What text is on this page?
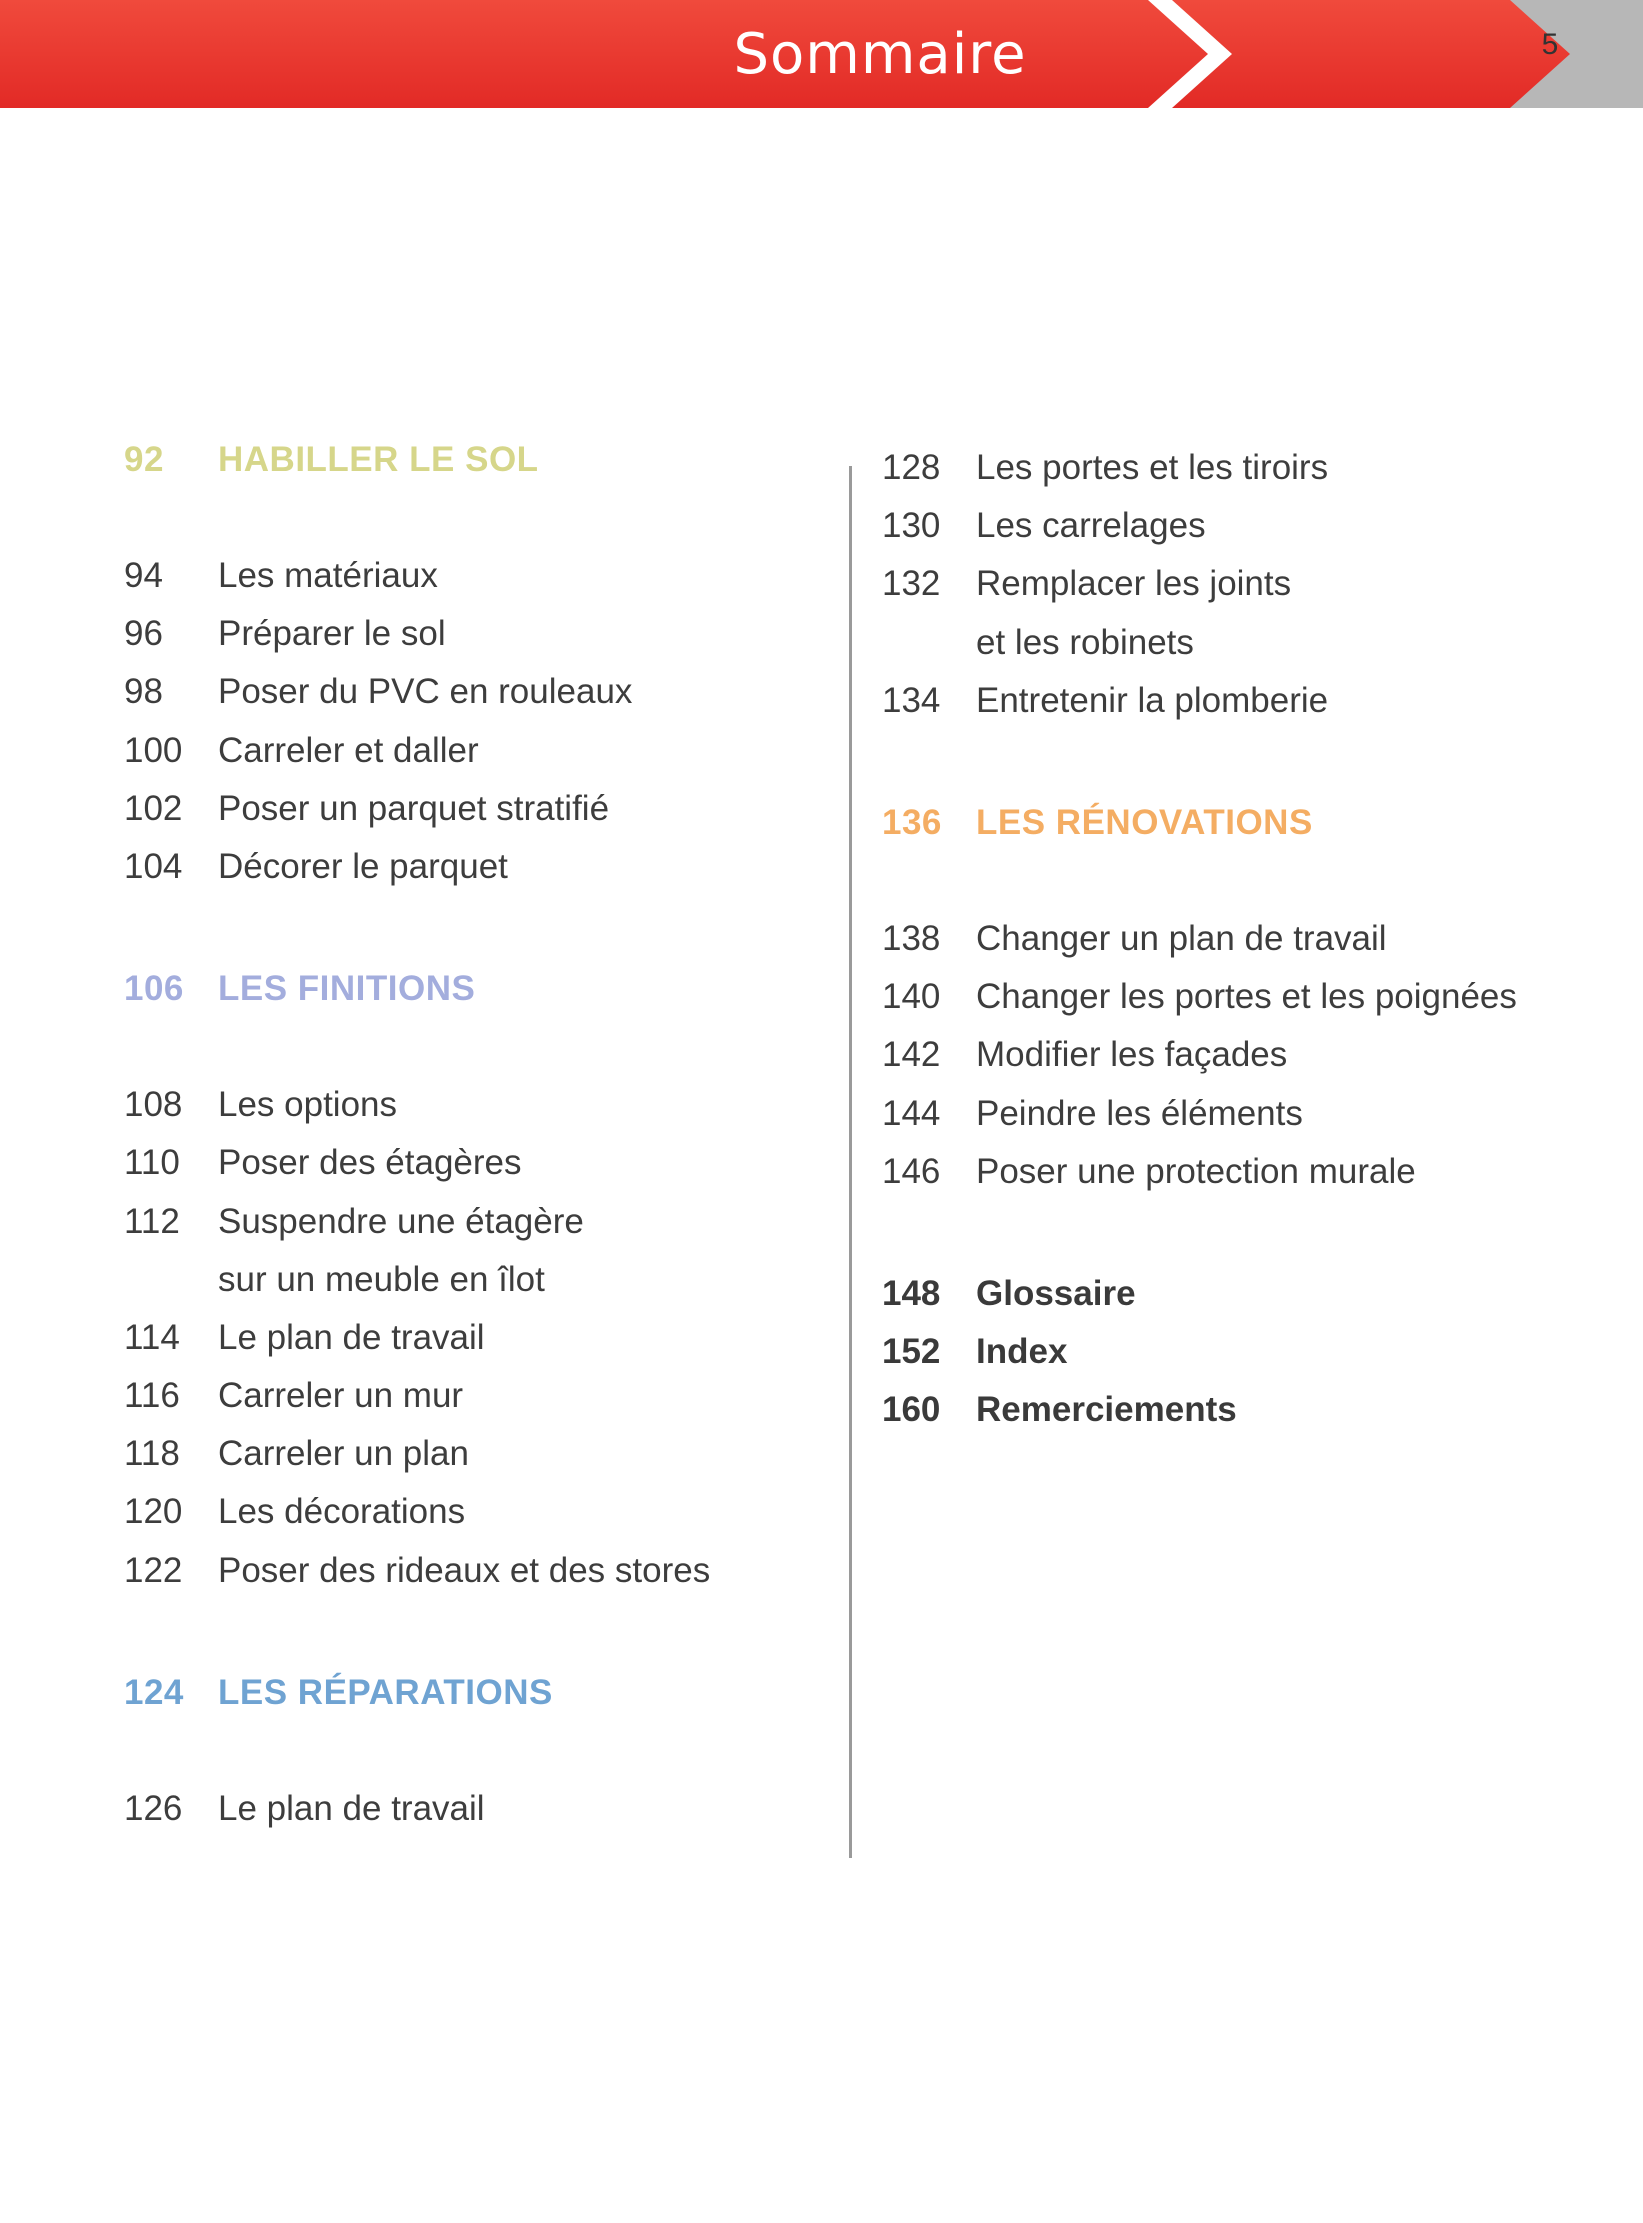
Sommaire	5
92	HABILLER LE SOL
94	Les matériaux
96	Préparer le sol
98	Poser du PVC en rouleaux
100	Carreler et daller
102	Poser un parquet stratifié
104	Décorer le parquet
106 LES FINITIONS
108	Les options
110	Poser des étagères
112	Suspendre une étagère
sur un meuble en îlot
114	Le plan de travail
116	Carreler un mur
118	Carreler un plan
120	Les décorations
122	Poser des rideaux et des stores
124 LES RÉPARATIONS
126	Le plan de travail
128	Les portes et les tiroirs
130	Les carrelages
132	Remplacer les joints
et les robinets
134	Entretenir la plomberie
136 LES RÉNOVATIONS
138	Changer un plan de travail
140	Changer les portes et les poignées
142	Modifier les façades
144	Peindre les éléments
146	Poser une protection murale
148	Glossaire
152	Index
160	Remerciements
